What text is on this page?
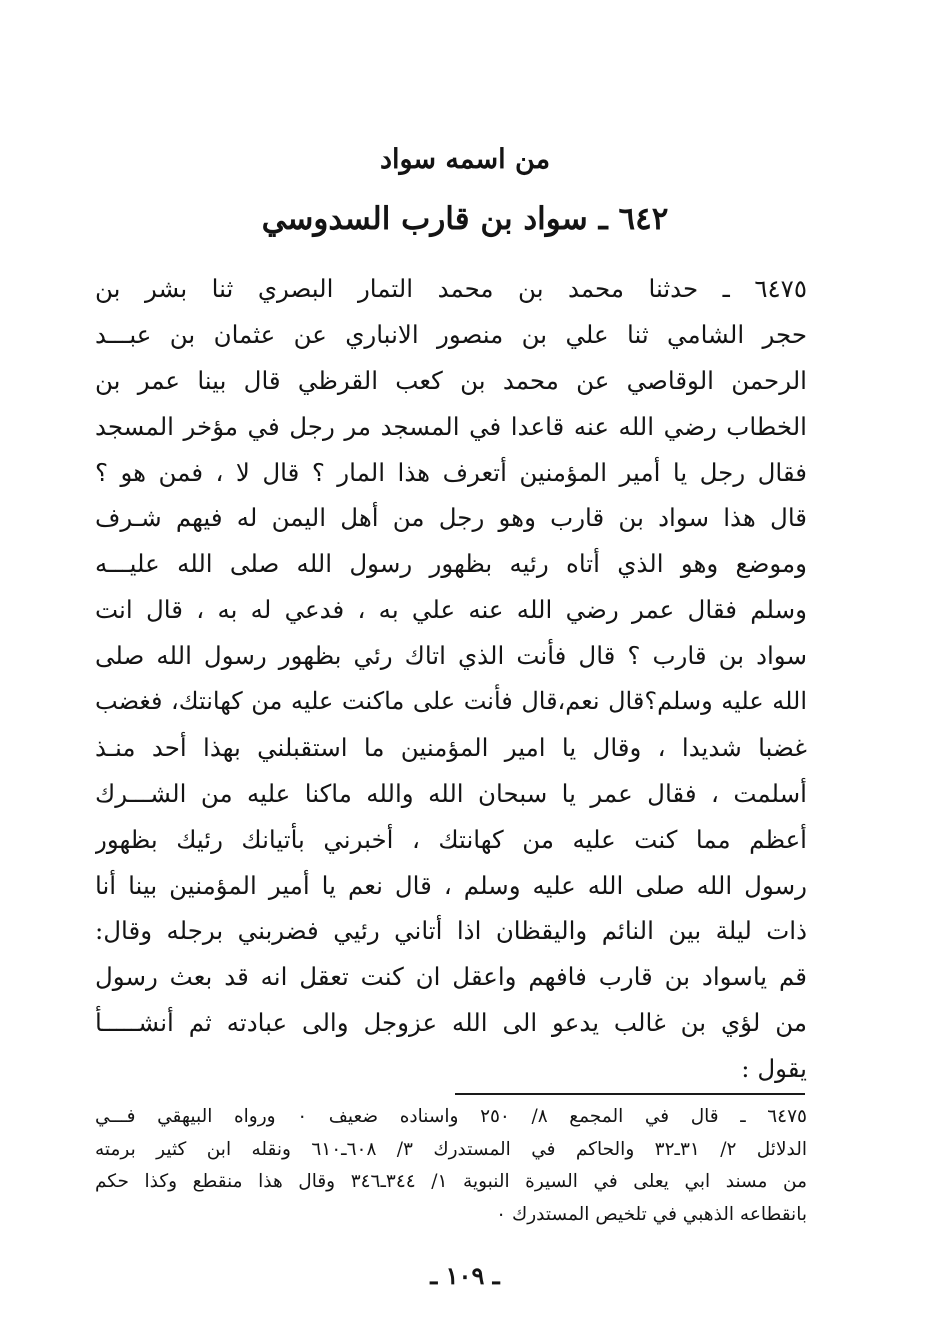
من اسمه سواد
٦٤٢ ـ سواد بن قارب السدوسي
٦٤٧٥ ـ حدثنا محمد بن محمد التمار البصري ثنا بشر بن
حجر الشامي ثنا علي بن منصور الانباري عن عثمان بن عبـــد
الرحمن الوقاصي عن محمد بن كعب القرظي قال بينا عمر بن
الخطاب رضي الله عنه قاعدا في المسجد مر رجل في مؤخر المسجد
فقال رجل يا أمير المؤمنين أتعرف هذا المار ؟ قال لا ، فمن هو ؟
قال هذا سواد بن قارب وهو رجل من أهل اليمن له فيهم شـرف
وموضع وهو الذي أتاه رئيه بظهور رسول الله صلى الله عليـــه
وسلم فقال عمر رضي الله عنه علي به ، فدعي له به ، قال انت
سواد بن قارب ؟ قال فأنت الذي اتاك رئي بظهور رسول الله صلى
الله عليه وسلم؟قال نعم،قال فأنت على ماكنت عليه من كهانتك، فغضب
غضبا شديدا ، وقال يا امير المؤمنين ما استقبلني بهذا أحد منـذ
أسلمت ، فقال عمر يا سبحان الله والله ماكنا عليه من الشـــرك
أعظم مما كنت عليه من كهانتك ، أخبرني بأتيانك رئيك بظهور
رسول الله صلى الله عليه وسلم ، قال نعم يا أمير المؤمنين بينا أنا
ذات ليلة بين النائم واليقظان اذا أتاني رئيي فضربني برجله وقال:
قم ياسواد بن قارب فافهم واعقل ان كنت تعقل انه قد بعث رسول
من لؤي بن غالب يدعو الى الله عزوجل والى عبادته ثم أنشـــــأ
يقول :
٦٤٧٥ ـ قال في المجمع ٨/ ٢٥٠ واسناده ضعيف ٠ ورواه البيهقي فـــي
الدلائل ٢/ ٣١ـ٣٢ والحاكم في المستدرك ٣/ ٦٠٨ـ٦١٠ ونقله ابن كثير برمته
من مسند ابي يعلى في السيرة النبوية ١/ ٣٤٤ـ٣٤٦ وقال هذا منقطع وكذا حكم
بانقطاعه الذهبي في تلخيص المستدرك ٠
ـ ١٠٩ ـ
